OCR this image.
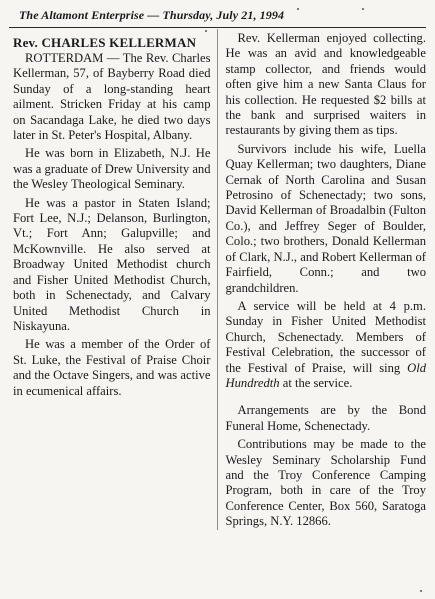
The Altamont Enterprise — Thursday, July 21, 1994
Rev. CHARLES KELLERMAN

ROTTERDAM — The Rev. Charles Kellerman, 57, of Bayberry Road died Sunday of a long-standing heart ailment. Stricken Friday at his camp on Sacandaga Lake, he died two days later in St. Peter's Hospital, Albany.

He was born in Elizabeth, N.J. He was a graduate of Drew University and the Wesley Theological Seminary.

He was a pastor in Staten Island; Fort Lee, N.J.; Delanson, Burlington, Vt.; Fort Ann; Galupville; and McKownville. He also served at Broadway United Methodist church and Fisher United Methodist Church, both in Schenectady, and Calvary United Methodist Church in Niskayuna.

He was a member of the Order of St. Luke, the Festival of Praise Choir and the Octave Singers, and was active in ecumenical affairs.

Rev. Kellerman enjoyed collecting. He was an avid and knowledgeable stamp collector, and friends would often give him a new Santa Claus for his collection. He requested $2 bills at the bank and surprised waiters in restaurants by giving them as tips.

Survivors include his wife, Luella Quay Kellerman; two daughters, Diane Cernak of North Carolina and Susan Petrosino of Schenectady; two sons, David Kellerman of Broadalbin (Fulton Co.), and Jeffrey Seger of Boulder, Colo.; two brothers, Donald Kellerman of Clark, N.J., and Robert Kellerman of Fairfield, Conn.; and two grandchildren.

A service will be held at 4 p.m. Sunday in Fisher United Methodist Church, Schenectady. Members of Festival Celebration, the successor of the Festival of Praise, will sing Old Hundredth at the service.

Arrangements are by the Bond Funeral Home, Schenectady.

Contributions may be made to the Wesley Seminary Scholarship Fund and the Troy Conference Camping Program, both in care of the Troy Conference Center, Box 560, Saratoga Springs, N.Y. 12866.
